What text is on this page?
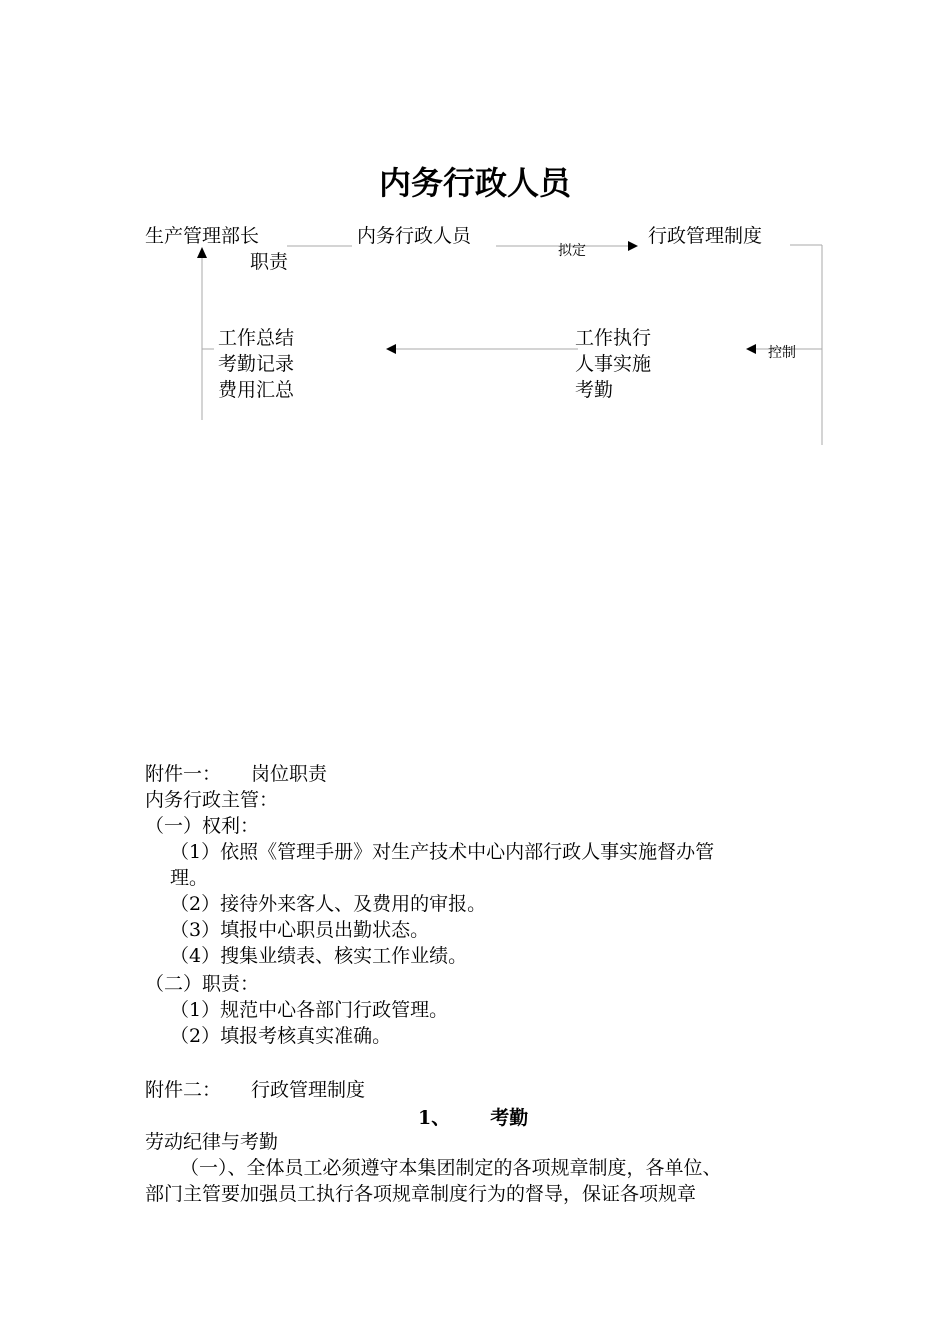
内务行政人员
生产管理部长
职责
内务行政人员
拟定
行政管理制度
控制
工作总结
考勤记录
费用汇总
工作执行
人事实施
考勤
附件一： 岗位职责
内务行政主管：
（一）权利：
（1）依照《管理手册》对生产技术中心内部行政人事实施督办管
理。
（2）接待外来客人、及费用的审报。
（3）填报中心职员出勤状态。
（4）搜集业绩表、核实工作业绩。
（二）职责：
（1）规范中心各部门行政管理。
（2）填报考核真实准确。
附件二： 行政管理制度
1、 考勤
劳动纪律与考勤
（一）、全体员工必须遵守本集团制定的各项规章制度，各单位、
部门主管要加强员工执行各项规章制度行为的督导，保证各项规章
